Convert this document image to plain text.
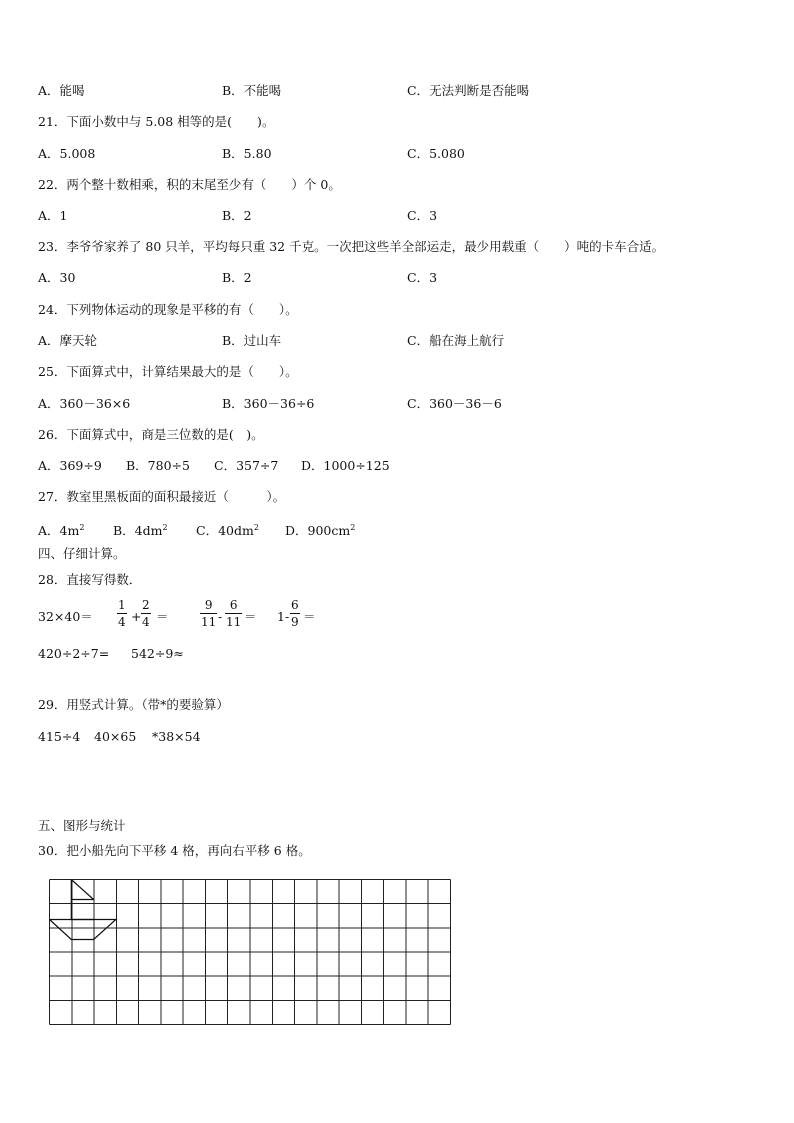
A．能喝	B．不能喝	C．无法判断是否能喝
21．下面小数中与 5.08 相等的是(　　)。
A．5.008	B．5.80	C．5.080
22．两个整十数相乘，积的末尾至少有（　　）个 0。
A．1	B．2	C．3
23．李爷爷家养了 80 只羊，平均每只重 32 千克。一次把这些羊全部运走，最少用载重（　　）吨的卡车合适。
A．30	B．2	C．3
24．下列物体运动的现象是平移的有（　　）。
A．摩天轮	B．过山车	C．船在海上航行
25．下面算式中，计算结果最大的是（　　）。
A．360－36×6	B．360－36÷6	C．360－36－6
26．下面算式中，商是三位数的是(　)。
A．369÷9 B．780÷5 C．357÷7 D．1000÷125
27．教室里黑板面的面积最接近（　　　）。
A．$4m^2$ B．$4dm^2$ C．$40dm^2$ D．$900cm^2$
四、仔细计算。
28．直接写得数．
32×40＝
1
4 +
2
4 ＝
9
11 -
6
11 ＝ 1-
6
9 ＝
420÷2÷7= 542÷9≈
29．用竖式计算。（带*的要验算）
415÷4 40×65 *38×54
五、图形与统计
30．把小船先向下平移 4 格，再向右平移 6 格。
